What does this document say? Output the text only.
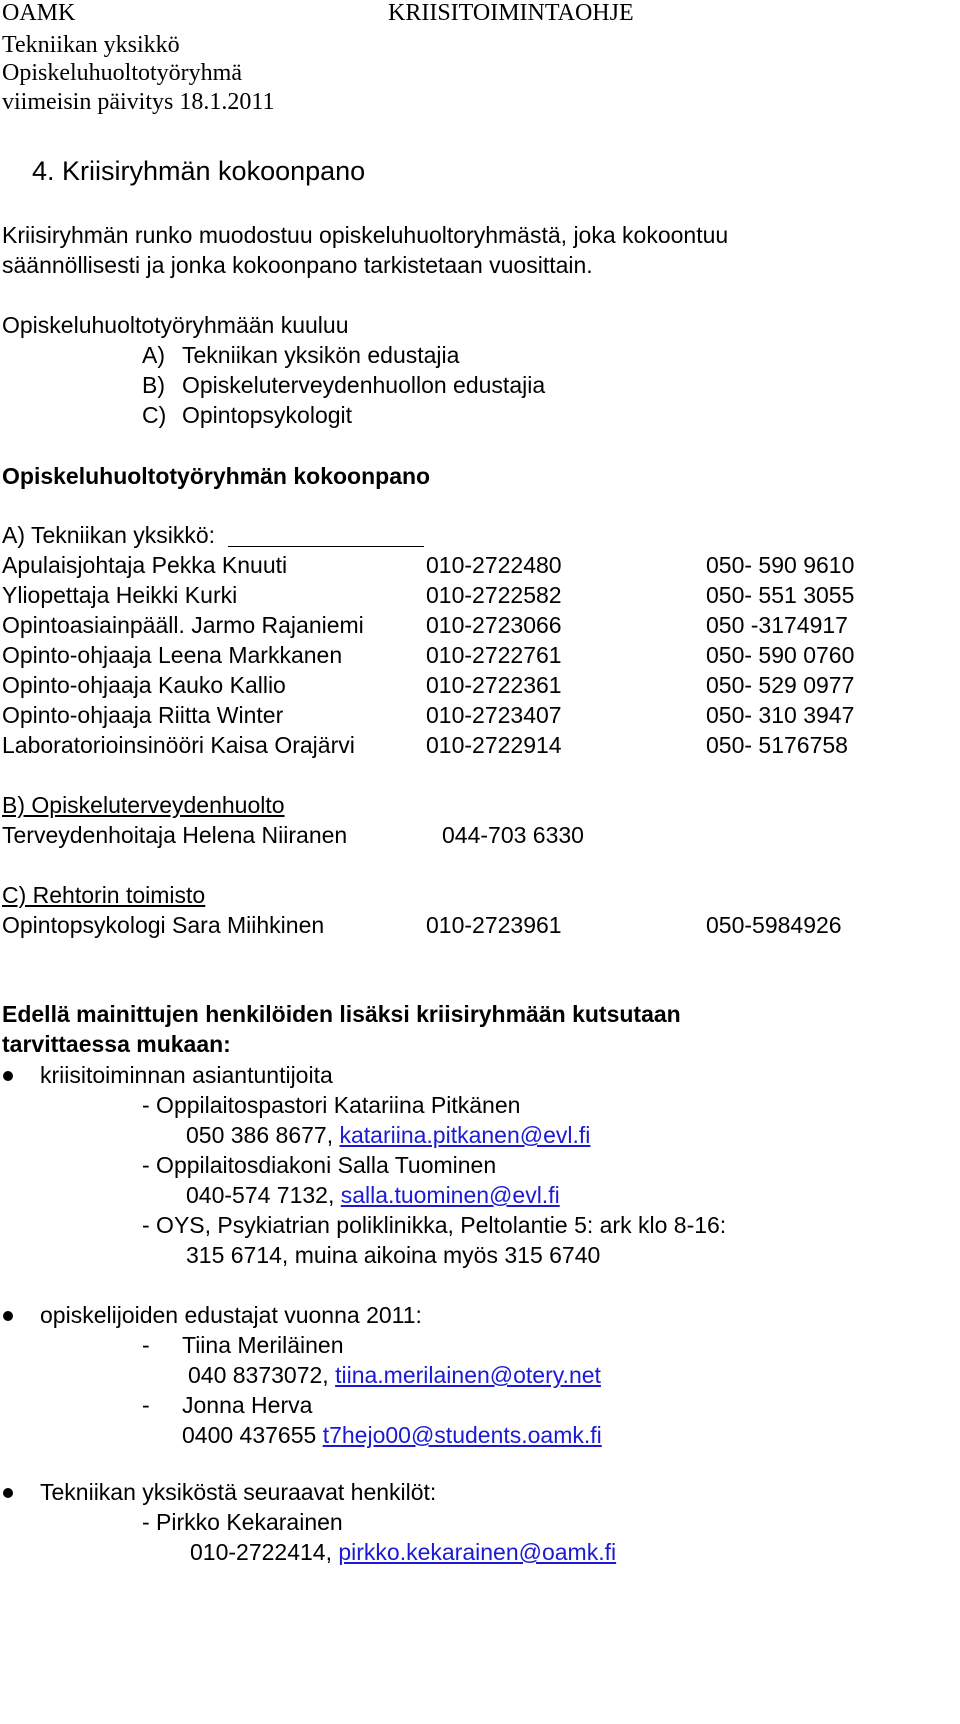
OAMK	KRIISITOIMINTAOHJE
Tekniikan yksikkö
Opiskeluhuoltotyöryhmä
viimeisin päivitys 18.1.2011
4. Kriisiryhmän kokoonpano
Kriisiryhmän runko muodostuu opiskeluhuoltoryhmästä, joka kokoontuu
säännöllisesti ja jonka kokoonpano tarkistetaan vuosittain.
Opiskeluhuoltotyöryhmään kuuluu
A) Tekniikan yksikön edustajia
B) Opiskeluterveydenhuollon edustajia
C) Opintopsykologit
Opiskeluhuoltotyöryhmän kokoonpano
A) Tekniikan yksikkö:
Apulaisjohtaja Pekka Knuuti	010-2722480	050- 590 9610
Yliopettaja Heikki Kurki	010-2722582	050- 551 3055
Opintoasiainpääll. Jarmo Rajaniemi	010-2723066	050 -3174917
Opinto-ohjaaja Leena Markkanen	010-2722761	050- 590 0760
Opinto-ohjaaja Kauko Kallio	010-2722361	050- 529 0977
Opinto-ohjaaja Riitta Winter	010-2723407	050- 310 3947
Laboratorioinsinööri Kaisa Orajärvi	010-2722914	050- 5176758
B) Opiskeluterveydenhuolto
Terveydenhoitaja Helena Niiranen	044-703 6330
C) Rehtorin toimisto
Opintopsykologi Sara Miihkinen	010-2723961	050-5984926
Edellä mainittujen henkilöiden lisäksi kriisiryhmään kutsutaan
tarvittaessa mukaan:
kriisitoiminnan asiantuntijoita
- Oppilaitospastori Katariina Pitkänen
050 386 8677, katariina.pitkanen@evl.fi
- Oppilaitosdiakoni Salla Tuominen
040-574 7132, salla.tuominen@evl.fi
- OYS, Psykiatrian poliklinikka, Peltolantie 5: ark klo 8-16:
315 6714, muina aikoina myös 315 6740
opiskelijoiden edustajat vuonna 2011:
- Tiina Meriläinen
040 8373072, tiina.merilainen@otery.net
- Jonna Herva
0400 437655 t7hejo00@students.oamk.fi
Tekniikan yksiköstä seuraavat henkilöt:
- Pirkko Kekarainen
010-2722414, pirkko.kekarainen@oamk.fi
